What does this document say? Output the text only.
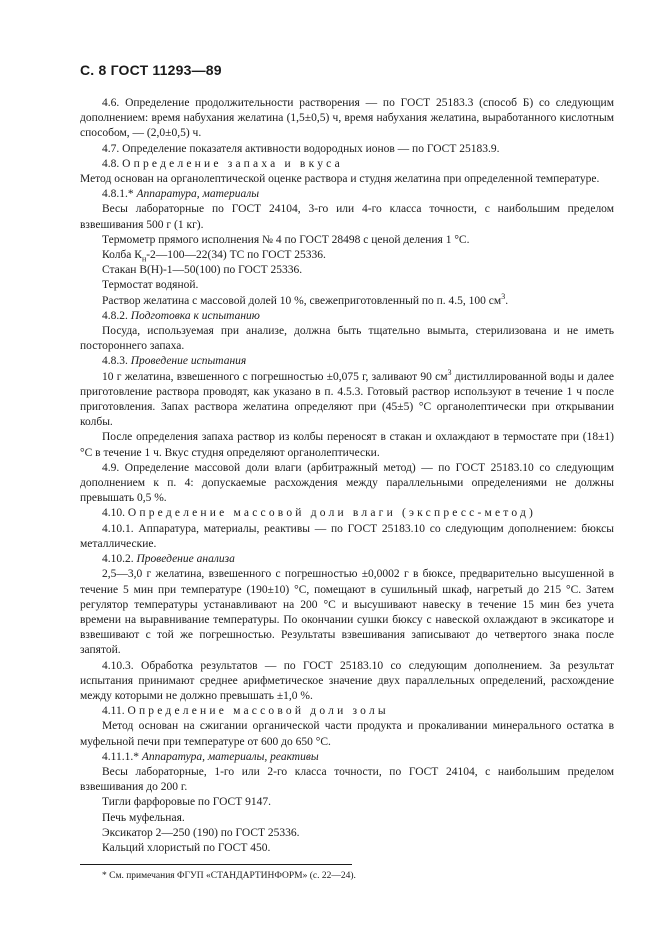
С. 8 ГОСТ 11293—89

4.6. Определение продолжительности растворения — по ГОСТ 25183.3 (способ Б) со следующим дополнением: время набухания желатина (1,5±0,5) ч, время набухания желатина, выработанного кислотным способом, — (2,0±0,5) ч.

4.7. Определение показателя активности водородных ионов — по ГОСТ 25183.9.

4.8. Определение запаха и вкуса

Метод основан на органолептической оценке раствора и студня желатина при определенной температуре.

4.8.1.* Аппаратура, материалы

Весы лабораторные по ГОСТ 24104, 3-го или 4-го класса точности, с наибольшим пределом взвешивания 500 г (1 кг).

Термометр прямого исполнения № 4 по ГОСТ 28498 с ценой деления 1 °С.

Колба $К_н-2—100—22(34)$ ТС по ГОСТ 25336.

Стакан В(Н)-1—50(100) по ГОСТ 25336.

Термостат водяной.

Раствор желатина с массовой долей 10 %, свежеприготовленный по п. 4.5, 100 $см^3$.

4.8.2. Подготовка к испытанию

Посуда, используемая при анализе, должна быть тщательно вымыта, стерилизована и не иметь постороннего запаха.

4.8.3. Проведение испытания

10 г желатина, взвешенного с погрешностью ±0,075 г, заливают 90 $см^3$ дистиллированной воды и далее приготовление раствора проводят, как указано в п. 4.5.3. Готовый раствор используют в течение 1 ч после приготовления. Запах раствора желатина определяют при (45±5) °С органолептически при открывании колбы.

После определения запаха раствор из колбы переносят в стакан и охлаждают в термостате при (18±1) °С в течение 1 ч. Вкус студня определяют органолептически.

4.9. Определение массовой доли влаги (арбитражный метод) — по ГОСТ 25183.10 со следующим дополнением к п. 4: допускаемые расхождения между параллельными определениями не должны превышать 0,5 %.

4.10. Определение массовой доли влаги (экспресс-метод)

4.10.1. Аппаратура, материалы, реактивы — по ГОСТ 25183.10 со следующим дополнением: бюксы металлические.

4.10.2. Проведение анализа

2,5—3,0 г желатина, взвешенного с погрешностью ±0,0002 г в бюксе, предварительно высушенной в течение 5 мин при температуре (190±10) °С, помещают в сушильный шкаф, нагретый до 215 °С. Затем регулятор температуры устанавливают на 200 °С и высушивают навеску в течение 15 мин без учета времени на выравнивание температуры. По окончании сушки бюксу с навеской охлаждают в эксикаторе и взвешивают с той же погрешностью. Результаты взвешивания записывают до четвертого знака после запятой.

4.10.3. Обработка результатов — по ГОСТ 25183.10 со следующим дополнением. За результат испытания принимают среднее арифметическое значение двух параллельных определений, расхождение между которыми не должно превышать ±1,0 %.

4.11. Определение массовой доли золы

Метод основан на сжигании органической части продукта и прокаливании минерального остатка в муфельной печи при температуре от 600 до 650 °С.

4.11.1.* Аппаратура, материалы, реактивы

Весы лабораторные, 1-го или 2-го класса точности, по ГОСТ 24104, с наибольшим пределом взвешивания до 200 г.

Тигли фарфоровые по ГОСТ 9147.

Печь муфельная.

Эксикатор 2—250 (190) по ГОСТ 25336.

Кальций хлористый по ГОСТ 450.

* См. примечания ФГУП «СТАНДАРТИНФОРМ» (с. 22—24).
